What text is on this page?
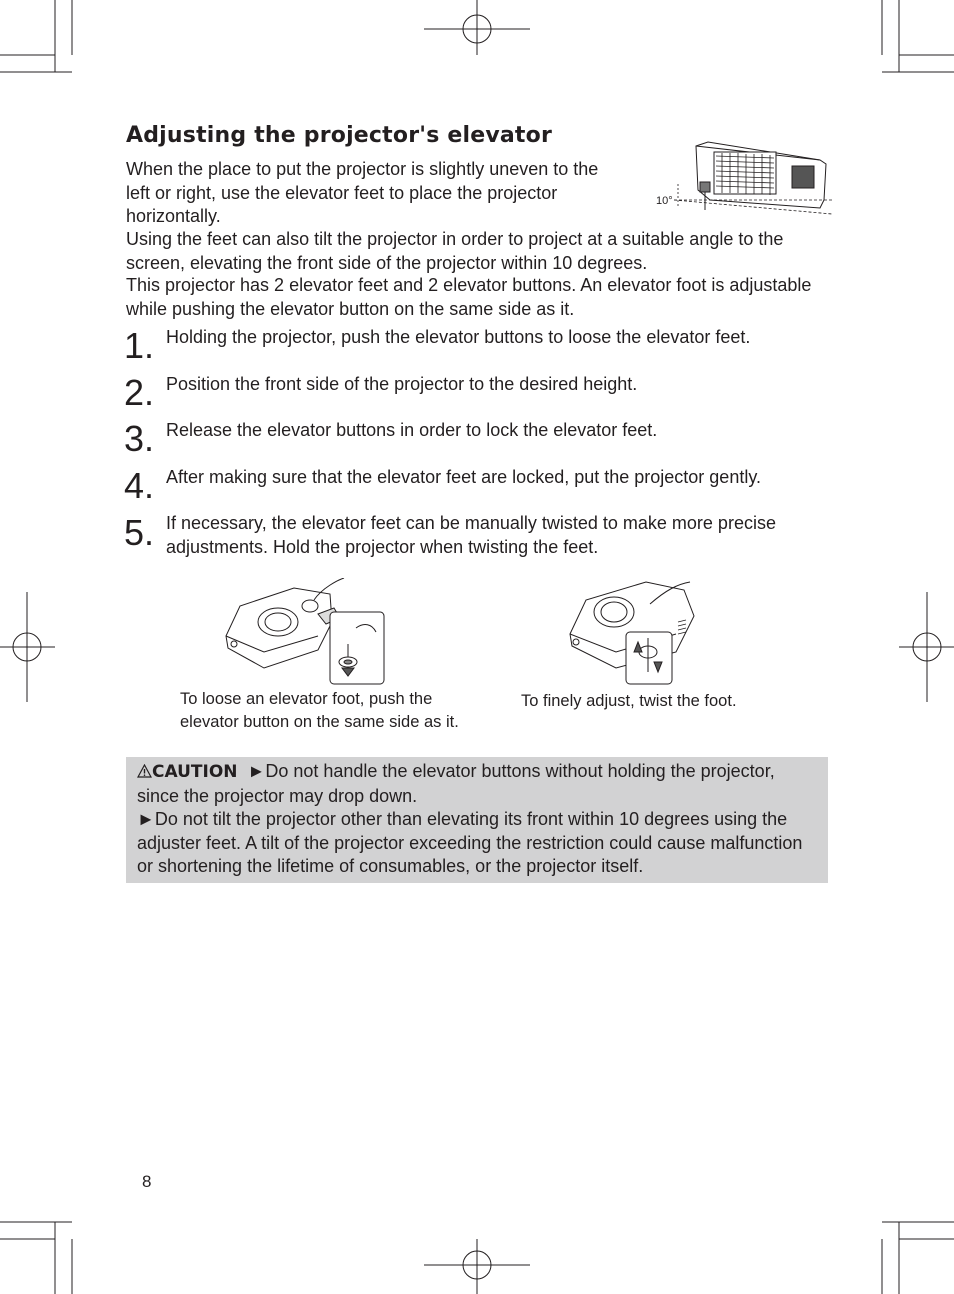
Adjusting the projector's elevator
When the place to put the projector is slightly uneven to the left or right, use the elevator feet to place the projector horizontally.
10°
Using the feet can also tilt the projector in order to project at a suitable angle to the screen, elevating the front side of the projector within 10 degrees.
This projector has 2 elevator feet and 2 elevator buttons. An elevator foot is adjustable while pushing the elevator button on the same side as it.
1. Holding the projector, push the elevator buttons to loose the elevator feet.
2. Position the front side of the projector to the desired height.
3. Release the elevator buttons in order to lock the elevator feet.
4. After making sure that the elevator feet are locked, put the projector gently.
5. If necessary, the elevator feet can be manually twisted to make more precise adjustments. Hold the projector when twisting the feet.
To loose an elevator foot, push the elevator button on the same side as it.
To finely adjust, twist the foot.
CAUTION ►Do not handle the elevator buttons without holding the projector, since the projector may drop down.
►Do not tilt the projector other than elevating its front within 10 degrees using the adjuster feet. A tilt of the projector exceeding the restriction could cause malfunction or shortening the lifetime of consumables, or the projector itself.
8
